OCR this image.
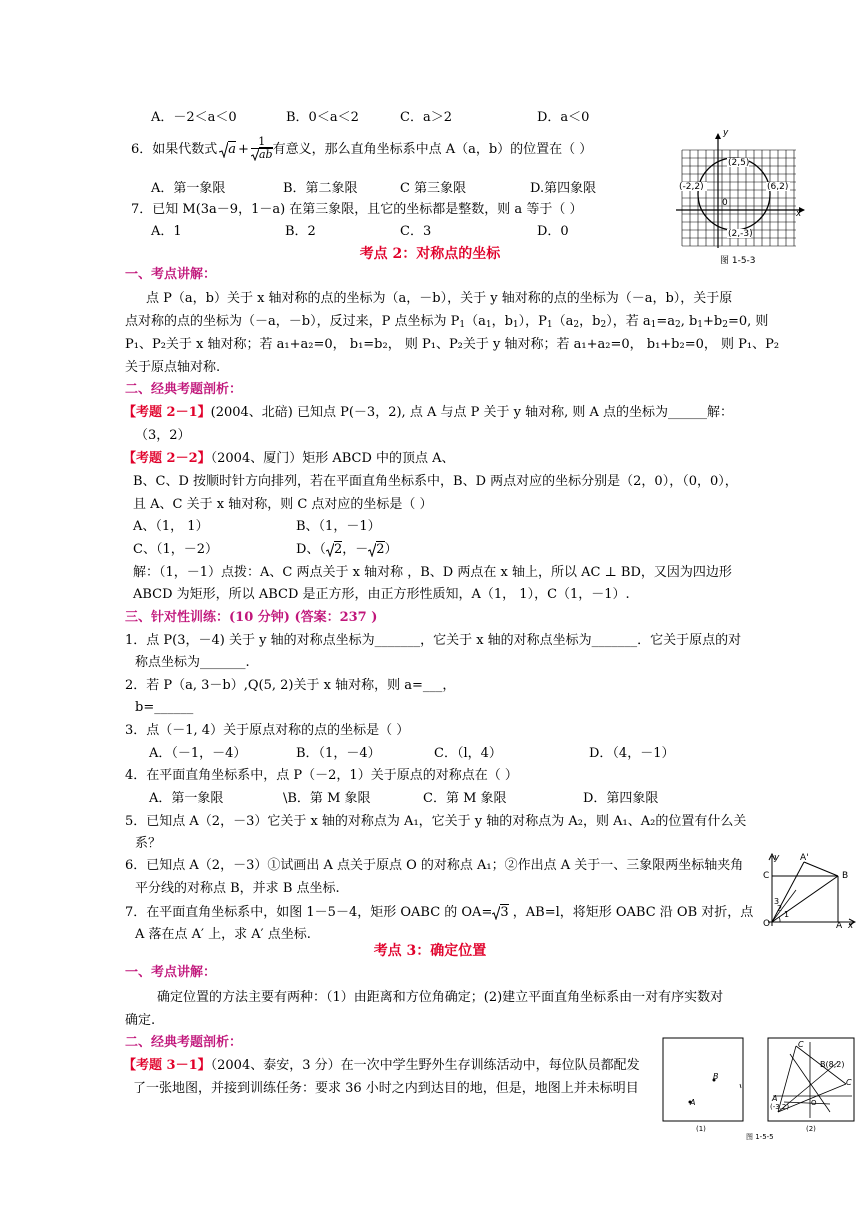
A．－2＜a＜0	B．0＜a＜2	C．a＞2	D．a＜0
6．如果代数式 $a + \frac{1}{ab}$ 有意义，那么直角坐标系中点 A（a，b）的位置在（ ）
A．第一象限	B．第二象限	C 第三象限	D.第四象限
7．已知 M(3a－9，1－a) 在第三象限，且它的坐标都是整数，则 a 等于（ ）
A．1	B．2	C．3	D．0
y
x
0
(2,5)
(-2,2)	(6,2)
(2,-3)
图 1-5-3
考点 2：对称点的坐标
一、考点讲解：
点 P（a，b）关于 x 轴对称的点的坐标为（a，－b），关于 y 轴对称的点的坐标为（－a，b），关于原
点对称的点的坐标为（－a，－b），反过来，P 点坐标为 $P_1(a_1$，$b_1$），$P_1(a_2$，$b_2$），若 $a_1=a_2$, $b_1+b_2=0$, 则
P₁、P₂关于 x 轴对称；若 a₁+a₂=0， b₁=b₂， 则 P₁、P₂关于 y 轴对称；若 a₁+a₂=0， b₁+b₂=0， 则 P₁、P₂
关于原点轴对称.
二、经典考题剖析：
【考题 2－1】(2004、北碚) 已知点 P(－3，2), 点 A 与点 P 关于 y 轴对称, 则 A 点的坐标为______ 解：
（3，2）
【考题 2－2】（2004、厦门）矩形 ABCD 中的顶点 A、
B、C、D 按顺时针方向排列，若在平面直角坐标系中，B、D 两点对应的坐标分别是（2，0），（0，0），
且 A、C 关于 x 轴对称，则 C 点对应的坐标是（ ）
A、（1， 1）	B、（1，－1）
C、（1，－2）	D、（ 2，－ 2）
解：（1，－1）点拨：A、C 两点关于 x 轴对称 ，B、D 两点在 x 轴上，所以 AC ⊥ BD，又因为四边形
ABCD 为矩形，所以 ABCD 是正方形，由正方形性质知，A（1， 1），C（1，－1）.
三、针对性训练：(10 分钟) (答案：237 )
1．点 P(3，－4) 关于 y 轴的对称点坐标为_______，它关于 x 轴的对称点坐标为_______．它关于原点的对
称点坐标为_______.
2．若 P（a, 3－b）,Q(5, 2)关于 x 轴对称，则 a=___，
b=______
3．点（－1, 4）关于原点对称的点的坐标是（ ）
A．（－1，－4）	B．（1，－4）	C．（l，4）	D．（4，－1）
4．在平面直角坐标系中，点 P（－2，1）关于原点的对称点在（ ）
A．第一象限	\B．第 M 象限	C．第 M 象限	D．第四象限
5．已知点 A（2，－3）它关于 x 轴的对称点为 A₁，它关于 y 轴的对称点为 A₂，则 A₁、A₂的位置有什么关
系？
6．已知点 A（2，－3）①试画出 A 点关于原点 O 的对称点 A₁；②作出点 A 关于一、三象限两坐标轴夹角
平分线的对称点 B，并求 B 点坐标.
7．在平面直角坐标系中，如图 1－5－4，矩形 OABC 的 OA= 3 ，AB=l，将矩形 OABC 沿 OB 对折，点
A 落在点 A′ 上，求 A′ 点坐标.
y
x
A'
B
C
O	A
1
2
3
考点 3：确定位置
一、考点讲解：
确定位置的方法主要有两种：（1）由距离和方位角确定；(2)建立平面直角坐标系由一对有序实数对
确定.
二、经典考题剖析：
【考题 3－1】（2004、泰安，3 分）在一次中学生野外生存训练活动中，每位队员都配发
了一张地图，并接到训练任务：要求 36 小时之内到达目的地，但是，地图上并未标明目
B
A
(1)
C
B(8,2)
C
A
(-3,2)	O
(2)
图 1-5-5
